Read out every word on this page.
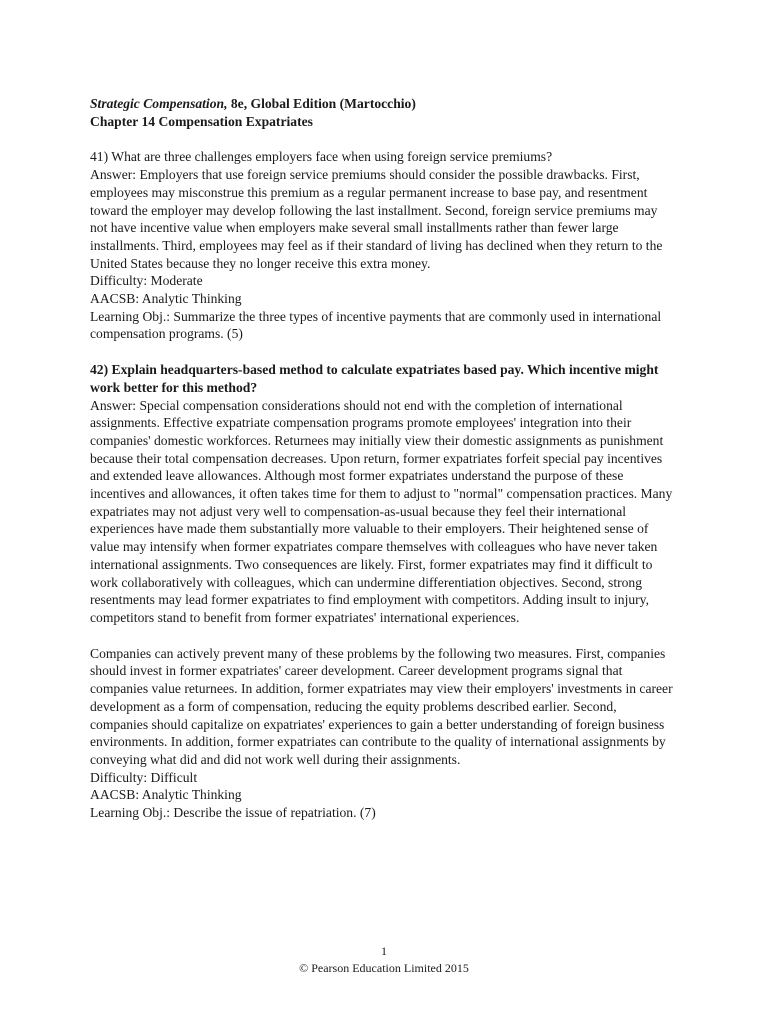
Strategic Compensation, 8e, Global Edition (Martocchio)
Chapter 14 Compensation Expatriates

41) What are three challenges employers face when using foreign service premiums?

Answer: Employers that use foreign service premiums should consider the possible drawbacks. First, employees may misconstrue this premium as a regular permanent increase to base pay, and resentment toward the employer may develop following the last installment. Second, foreign service premiums may not have incentive value when employers make several small installments rather than fewer large installments. Third, employees may feel as if their standard of living has declined when they return to the United States because they no longer receive this extra money.

Difficulty: Moderate

AACSB: Analytic Thinking

Learning Obj.: Summarize the three types of incentive payments that are commonly used in international compensation programs. (5)

42) Explain headquarters-based method to calculate expatriates based pay. Which incentive might work better for this method?

Answer: Special compensation considerations should not end with the completion of international assignments. Effective expatriate compensation programs promote employees' integration into their companies' domestic workforces. Returnees may initially view their domestic assignments as punishment because their total compensation decreases. Upon return, former expatriates forfeit special pay incentives and extended leave allowances. Although most former expatriates understand the purpose of these incentives and allowances, it often takes time for them to adjust to "normal" compensation practices. Many expatriates may not adjust very well to compensation-as-usual because they feel their international experiences have made them substantially more valuable to their employers. Their heightened sense of value may intensify when former expatriates compare themselves with colleagues who have never taken international assignments. Two consequences are likely. First, former expatriates may find it difficult to work collaboratively with colleagues, which can undermine differentiation objectives. Second, strong resentments may lead former expatriates to find employment with competitors. Adding insult to injury, competitors stand to benefit from former expatriates' international experiences.

Companies can actively prevent many of these problems by the following two measures. First, companies should invest in former expatriates' career development. Career development programs signal that companies value returnees. In addition, former expatriates may view their employers' investments in career development as a form of compensation, reducing the equity problems described earlier. Second, companies should capitalize on expatriates' experiences to gain a better understanding of foreign business environments. In addition, former expatriates can contribute to the quality of international assignments by conveying what did and did not work well during their assignments.

Difficulty: Difficult

AACSB: Analytic Thinking

Learning Obj.: Describe the issue of repatriation. (7)

1
© Pearson Education Limited 2015
